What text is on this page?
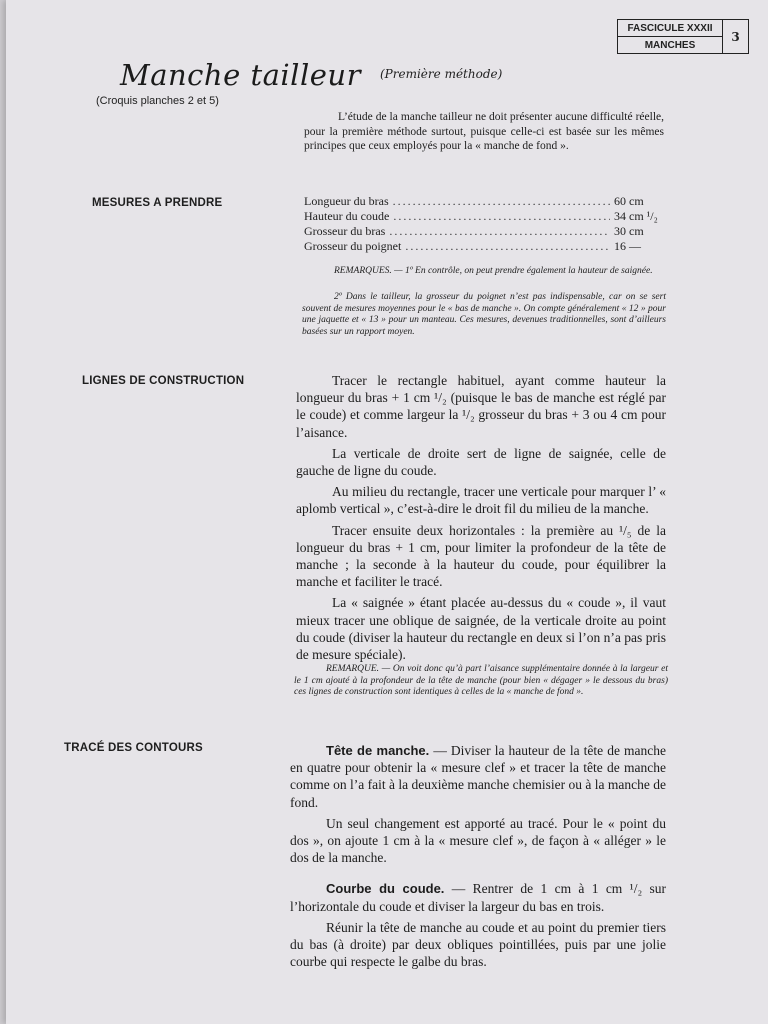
FASCICULE XXXII
MANCHES
3
Manche tailleur (Première méthode)
(Croquis planches 2 et 5)
L’étude de la manche tailleur ne doit présenter aucune difficulté réelle, pour la première méthode surtout, puisque celle-ci est basée sur les mêmes principes que ceux employés pour la « manche de fond ».
MESURES A PRENDRE	Longueur du bras .....	60 cm
Hauteur du coude .....	34 cm ¹/₂
Grosseur du bras .....	30 cm
Grosseur du poignet .....	16 —
REMARQUES. — 1º En contrôle, on peut prendre également la hauteur de saignée.
2º Dans le tailleur, la grosseur du poignet n’est pas indispensable, car on se sert souvent de mesures moyennes pour le « bas de manche ». On compte généralement « 12 » pour une jaquette et « 13 » pour un manteau. Ces mesures, devenues traditionnelles, sont d’ailleurs basées sur un rapport moyen.
LIGNES DE CONSTRUCTION	Tracer le rectangle habituel, ayant comme hauteur la longueur du bras + 1 cm ¹/₂ (puisque le bas de manche est réglé par le coude) et comme largeur la ¹/₂ grosseur du bras + 3 ou 4 cm pour l’aisance.

La verticale de droite sert de ligne de saignée, celle de gauche de ligne du coude.

Au milieu du rectangle, tracer une verticale pour marquer l’ « aplomb vertical », c’est-à-dire le droit fil du milieu de la manche.

Tracer ensuite deux horizontales : la première au ¹/₅ de la longueur du bras + 1 cm, pour limiter la profondeur de la tête de manche ; la seconde à la hauteur du coude, pour équilibrer la manche et faciliter le tracé.

La « saignée » étant placée au-dessus du « coude », il vaut mieux tracer une oblique de saignée, de la verticale droite au point du coude (diviser la hauteur du rectangle en deux si l’on n’a pas pris de mesure spéciale).

REMARQUE. — On voit donc qu’à part l’aisance supplémentaire donnée à la largeur et le 1 cm ajouté à la profondeur de la tête de manche (pour bien « dégager » le dessous du bras) ces lignes de construction sont identiques à celles de la « manche de fond ».
TRACÉ DES CONTOURS	Tête de manche. — Diviser la hauteur de la tête de manche en quatre pour obtenir la « mesure clef » et tracer la tête de manche comme on l’a fait à la deuxième manche chemisier ou à la manche de fond.

Un seul changement est apporté au tracé. Pour le « point du dos », on ajoute 1 cm à la « mesure clef », de façon à « alléger » le dos de la manche.

Courbe du coude. — Rentrer de 1 cm à 1 cm ¹/₂ sur l’horizontale du coude et diviser la largeur du bas en trois.

Réunir la tête de manche au coude et au point du premier tiers du bas (à droite) par deux obliques pointillées, puis par une jolie courbe qui respecte le galbe du bras.
